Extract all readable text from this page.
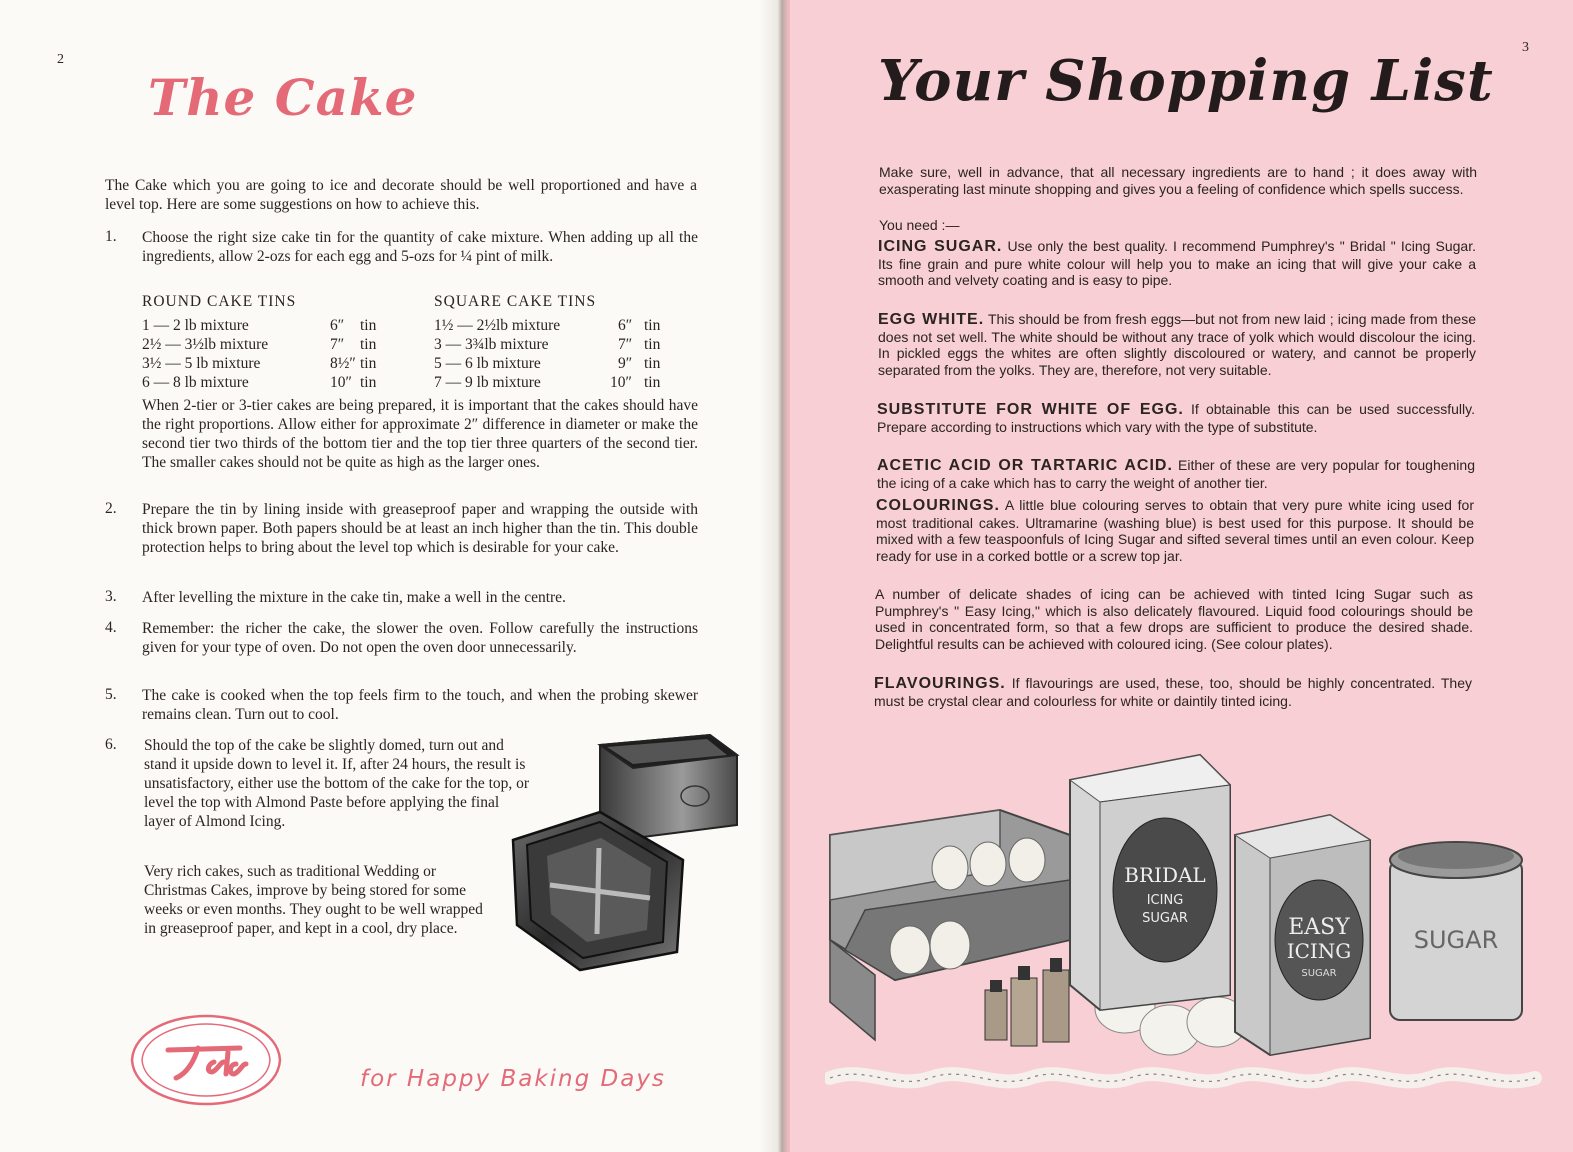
2
The Cake

The Cake which you are going to ice and decorate should be well proportioned and have a level top. Here are some suggestions on how to achieve this.

1. Choose the right size cake tin for the quantity of cake mixture. When adding up all the ingredients, allow 2-ozs for each egg and 5-ozs for ¼ pint of milk.

ROUND CAKE TINS
1 — 2 lb mixture	6″ tin
2½ — 3½lb mixture	7″ tin
3½ — 5 lb mixture	8½″ tin
6 — 8 lb mixture	10″ tin
SQUARE CAKE TINS
1½ — 2½lb mixture	6″ tin
3 — 3¾lb mixture	7″ tin
5 — 6 lb mixture	9″ tin
7 — 9 lb mixture	10″ tin

When 2-tier or 3-tier cakes are being prepared, it is important that the cakes should have the right proportions. Allow either for approximate 2″ difference in diameter or make the second tier two thirds of the bottom tier and the top tier three quarters of the second tier. The smaller cakes should not be quite as high as the larger ones.

2. Prepare the tin by lining inside with greaseproof paper and wrapping the outside with thick brown paper. Both papers should be at least an inch higher than the tin. This double protection helps to bring about the level top which is desirable for your cake.

3. After levelling the mixture in the cake tin, make a well in the centre.

4. Remember: the richer the cake, the slower the oven. Follow carefully the instructions given for your type of oven. Do not open the oven door unnecessarily.

5. The cake is cooked when the top feels firm to the touch, and when the probing skewer remains clean. Turn out to cool.

6. Should the top of the cake be slightly domed, turn out and stand it upside down to level it. If, after 24 hours, the result is unsatisfactory, either use the bottom of the cake for the top, or level the top with Almond Paste before applying the final layer of Almond Icing.

Very rich cakes, such as traditional Wedding or Christmas Cakes, improve by being stored for some weeks or even months. They ought to be well wrapped in greaseproof paper, and kept in a cool, dry place.

for Happy Baking Days
3
Your Shopping List

Make sure, well in advance, that all necessary ingredients are to hand ; it does away with exasperating last minute shopping and gives you a feeling of confidence which spells success.

You need :—

ICING SUGAR. Use only the best quality. I recommend Pumphrey's " Bridal " Icing Sugar. Its fine grain and pure white colour will help you to make an icing that will give your cake a smooth and velvety coating and is easy to pipe.

EGG WHITE. This should be from fresh eggs—but not from new laid ; icing made from these does not set well. The white should be without any trace of yolk which would discolour the icing. In pickled eggs the whites are often slightly discoloured or watery, and cannot be properly separated from the yolks. They are, therefore, not very suitable.

SUBSTITUTE FOR WHITE OF EGG. If obtainable this can be used successfully. Prepare according to instructions which vary with the type of substitute.

ACETIC ACID OR TARTARIC ACID. Either of these are very popular for toughening the icing of a cake which has to carry the weight of another tier.

COLOURINGS. A little blue colouring serves to obtain that very pure white icing used for most traditional cakes. Ultramarine (washing blue) is best used for this purpose. It should be mixed with a few teaspoonfuls of Icing Sugar and sifted several times until an even colour. Keep ready for use in a corked bottle or a screw top jar.

A number of delicate shades of icing can be achieved with tinted Icing Sugar such as Pumphrey's " Easy Icing," which is also delicately flavoured. Liquid food colourings should be used in concentrated form, so that a few drops are sufficient to produce the desired shade. Delightful results can be achieved with coloured icing. (See colour plates).

FLAVOURINGS. If flavourings are used, these, too, should be highly concentrated. They must be crystal clear and colourless for white or daintily tinted icing.

BRIDAL
ICING
SUGAR	EASY
ICING
SUGAR
SUGAR
